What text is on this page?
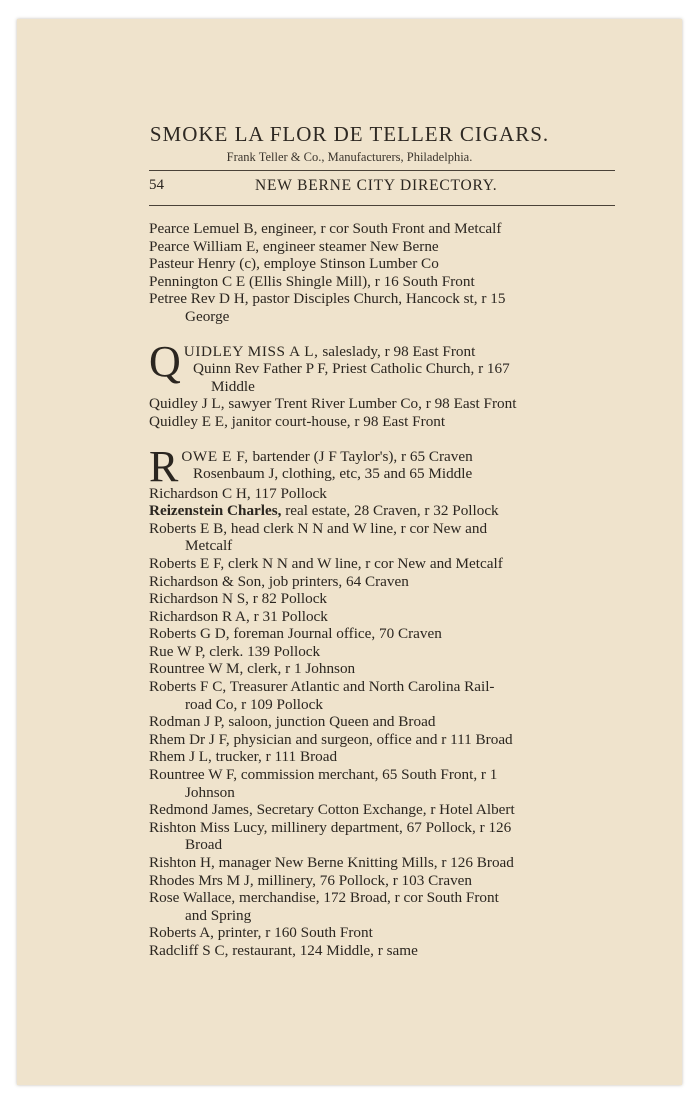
SMOKE LA FLOR DE TELLER CIGARS.
Frank Teller & Co., Manufacturers, Philadelphia.
54	NEW BERNE CITY DIRECTORY.
Pearce Lemuel B, engineer, r cor South Front and Metcalf
Pearce William E, engineer steamer New Berne
Pasteur Henry (c), employe Stinson Lumber Co
Pennington C E (Ellis Shingle Mill), r 16 South Front
Petree Rev D H, pastor Disciples Church, Hancock st, r 15
George
Q UIDLEY MISS A L, saleslady, r 98 East Front
Quinn Rev Father P F, Priest Catholic Church, r 167
Middle
Quidley J L, sawyer Trent River Lumber Co, r 98 East Front
Quidley E E, janitor court-house, r 98 East Front
R OWE E F, bartender (J F Taylor's), r 65 Craven
Rosenbaum J, clothing, etc, 35 and 65 Middle
Richardson C H, 117 Pollock
Reizenstein Charles, real estate, 28 Craven, r 32 Pollock
Roberts E B, head clerk N N and W line, r cor New and
Metcalf
Roberts E F, clerk N N and W line, r cor New and Metcalf
Richardson & Son, job printers, 64 Craven
Richardson N S, r 82 Pollock
Richardson R A, r 31 Pollock
Roberts G D, foreman Journal office, 70 Craven
Rue W P, clerk. 139 Pollock
Rountree W M, clerk, r 1 Johnson
Roberts F C, Treasurer Atlantic and North Carolina Rail-
road Co, r 109 Pollock
Rodman J P, saloon, junction Queen and Broad
Rhem Dr J F, physician and surgeon, office and r 111 Broad
Rhem J L, trucker, r 111 Broad
Rountree W F, commission merchant, 65 South Front, r 1
Johnson
Redmond James, Secretary Cotton Exchange, r Hotel Albert
Rishton Miss Lucy, millinery department, 67 Pollock, r 126
Broad
Rishton H, manager New Berne Knitting Mills, r 126 Broad
Rhodes Mrs M J, millinery, 76 Pollock, r 103 Craven
Rose Wallace, merchandise, 172 Broad, r cor South Front
and Spring
Roberts A, printer, r 160 South Front
Radcliff S C, restaurant, 124 Middle, r same
